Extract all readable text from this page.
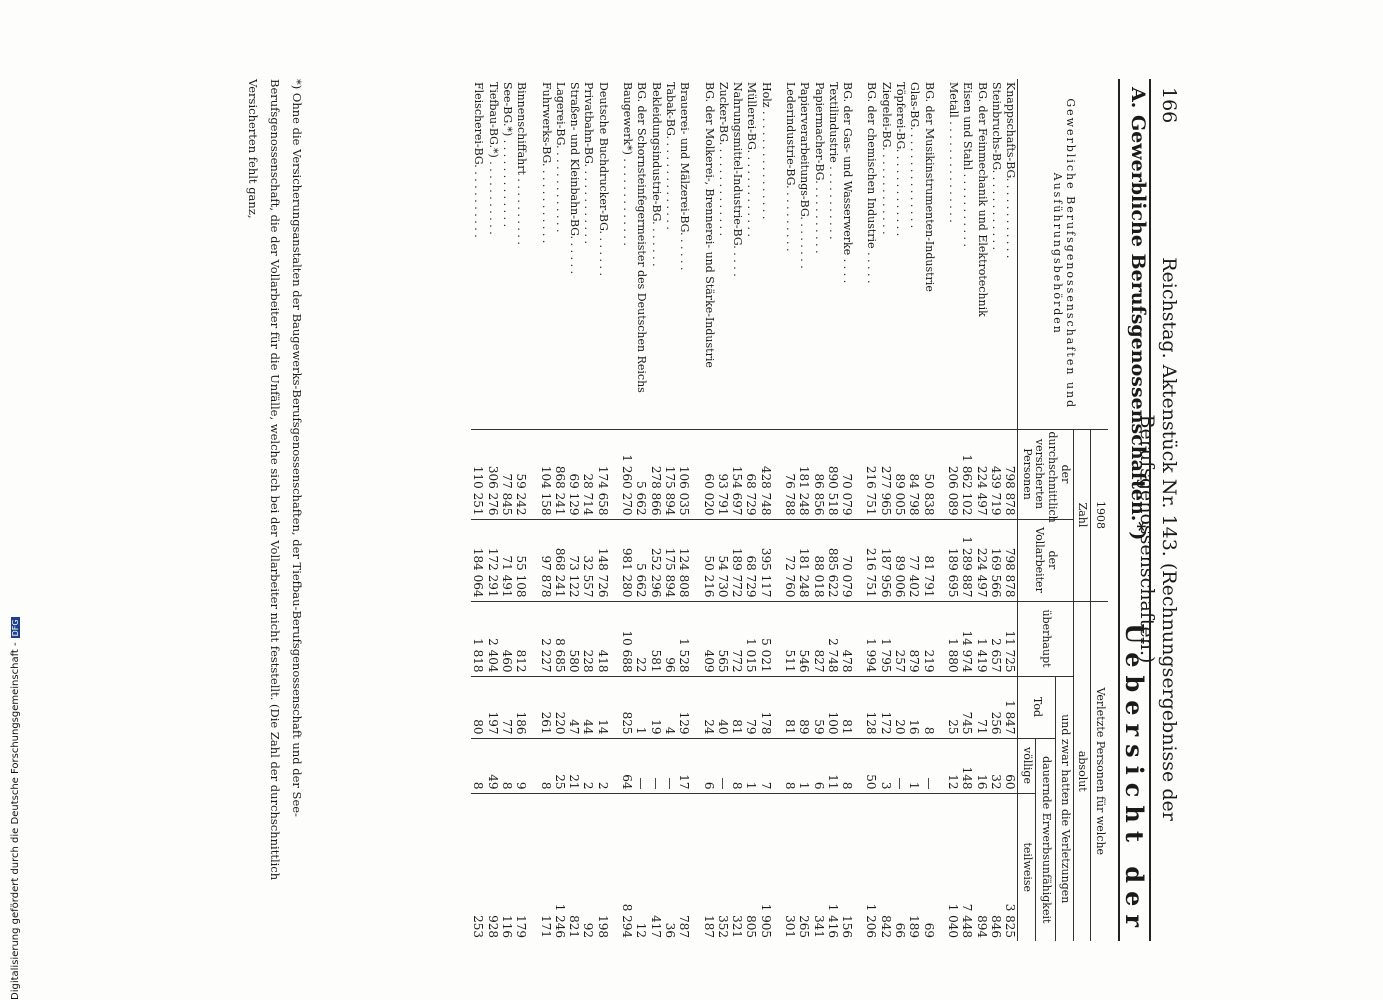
Digitalisierung gefördert durch die Deutsche Forschungsgemeinschaft -DFG
166
Reichstag. Aktenstück Nr. 143. (Rechnungsergebnisse der Berufsgenossenschaften.)
A. Gewerbliche Berufsgenossenschaften.*)
Uebersicht der
Gewerbliche Berufsgenossenschaften und Ausführungsbehörden	1908		Verletzte Personen für welche			
	Zahl		absolut			
	der durchschnittlich versicherten Personen	der Vollarbeiter	überhaupt	und zwar hatten die Verletzungen		
				Tod	dauernde Erwerbsunfähigkeit	
					völlige	teilweise
Knappschafts-BG. . . . . . . . . . . .	798 878	798 878	11 725	1 847	60	3 825
Steinbruchs-BG. . . . . . . . . . . .	439 719	169 566	2 657	256	32	846
BG. der Feinmechanik und Elektrotechnik	224 497	224 497	1 419	71	16	894
Eisen und Stahl . . . . . . . . . . .	1 862 102	1 289 887	14 974	745	148	7 448
Metall . . . . . . . . . . . . . . .	206 089	189 695	1 880	25	12	1 040

BG. der Musikinstrumenten-Industrie	50 838	81 791	219	8	—	69
Glas-BG. . . . . . . . . . . . . . .	84 798	77 402	879	16	1	189
Töpferei-BG. . . . . . . . . . . . .	89 005	89 006	257	20	—	66
Ziegelei-BG. . . . . . . . . . . . .	277 965	187 956	1 795	172	3	842
BG. der chemischen Industrie . . . . .	216 751	216 751	1 994	128	50	1 206

BG. der Gas- und Wasserwerke . . . .	70 079	70 079	478	81	8	156
Textilindustrie . . . . . . . . . . .	890 518	885 622	2 748	100	11	1 416
Papiermacher-BG. . . . . . . . . . .	86 856	88 018	827	59	6	341
Papierverarbeitungs-BG. . . . . . . .	181 248	181 248	546	89	1	265
Lederindustrie-BG. . . . . . . . . .	76 788	72 760	511	81	8	301

Holz . . . . . . . . . . . . . . . .	428 748	395 117	5 021	178	7	1 905
Müllerei-BG. . . . . . . . . . . . .	68 729	68 729	1 015	79	1	805
Nahrungsmittel-Industrie-BG. . . . .	154 697	189 772	772	81	8	321
Zucker-BG. . . . . . . . . . . . . .	93 791	54 730	565	40	—	352
BG. der Molkerei-, Brennerei- und Stärke-Industrie	60 020	50 216	409	24	6	187

Brauerei- und Mälzerei-BG. . . . . .	106 035	124 808	1 528	129	17	787
Tabak-BG. . . . . . . . . . . . . .	175 894	175 894	96	4	—	36
Bekleidungsindustrie-BG. . . . . . .	278 866	252 296	581	19	—	417
BG. der Schornsteinfegermeister des Deutschen Reichs	5 662	5 662	22	1	—	12
Baugewerk*) . . . . . . . . . . . . .	1 260 270	981 280	10 688	825	64	8 294

Deutsche Buchdrucker-BG. . . . . . .	174 658	148 726	418	14	2	198
Privatbahn-BG. . . . . . . . . . . .	28 714	32 557	228	44	2	92
Straßen- und Kleinbahn-BG. . . . . .	69 129	73 122	580	47	21	821
Lagerei-BG. . . . . . . . . . . . .	868 241	868 241	8 685	220	25	1 246
Fuhrwerks-BG. . . . . . . . . . . .	104 158	97 878	2 227	261	8	171

Binnenschiffahrt . . . . . . . . . .	59 242	55 108	812	186	9	179
See-BG.*) . . . . . . . . . . . . .	77 845	71 491	460	77	8	116
Tiefbau-BG.*) . . . . . . . . . . .	306 276	172 291	2 404	197	49	928
Fleischerei-BG. . . . . . . . . . .	110 251	184 064	1 818	80	8	253
*) Ohne die Versicherungsanstalten der Baugewerks-Berufsgenossenschaften, der Tiefbau-Berufsgenossenschaft und der See-Berufsgenossenschaft, die der Vollarbeiter für die Unfälle, welche sich bei der Vollarbeiter nicht feststellt. (Die Zahl der durchschnittlich Versicherten fehlt ganz,
